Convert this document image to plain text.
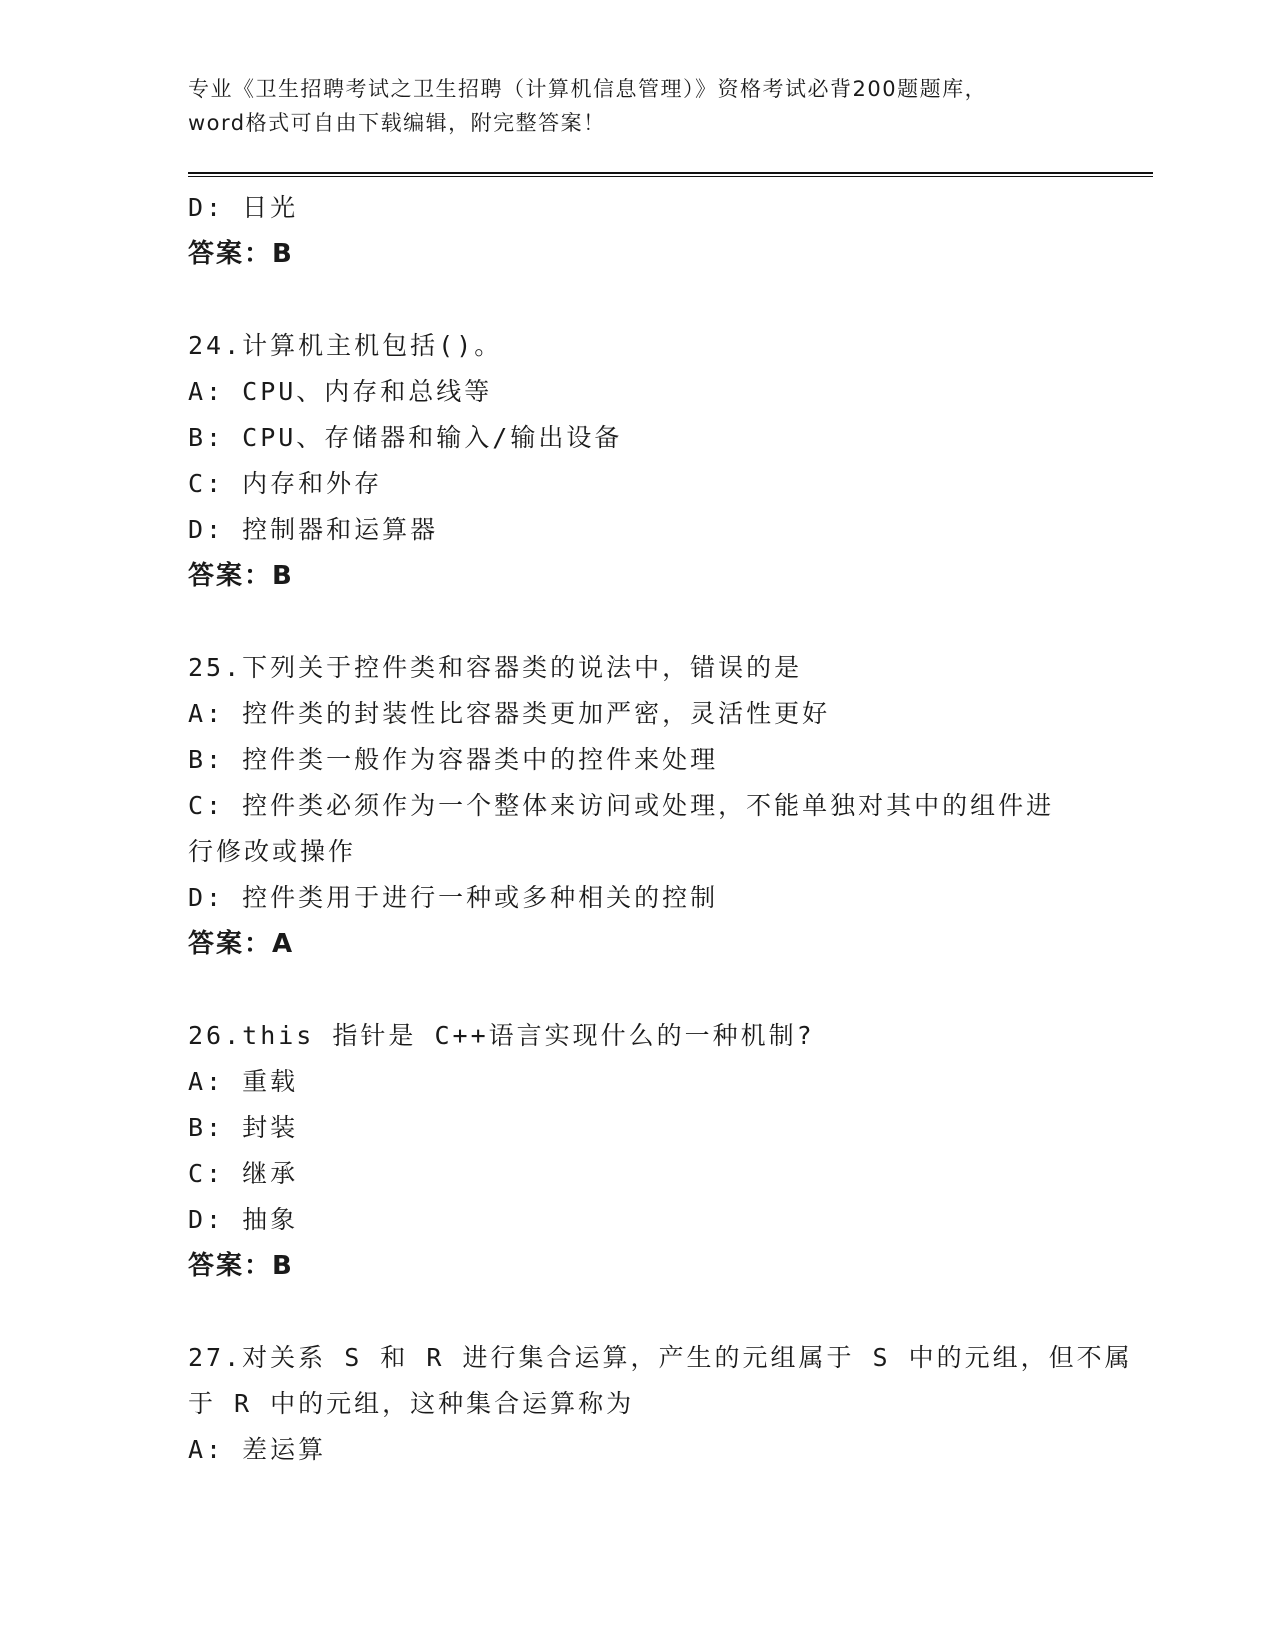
专业《卫生招聘考试之卫生招聘（计算机信息管理）》资格考试必背200题题库，
word格式可自由下载编辑，附完整答案！
D: 日光
答案：B
24.计算机主机包括()。
A: CPU、内存和总线等
B: CPU、存储器和输入/输出设备
C: 内存和外存
D: 控制器和运算器
答案：B
25.下列关于控件类和容器类的说法中，错误的是
A: 控件类的封装性比容器类更加严密，灵活性更好
B: 控件类一般作为容器类中的控件来处理
C: 控件类必须作为一个整体来访问或处理，不能单独对其中的组件进
行修改或操作
D: 控件类用于进行一种或多种相关的控制
答案：A
26.this 指针是 C++语言实现什么的一种机制?
A: 重载
B: 封装
C: 继承
D: 抽象
答案：B
27.对关系 S 和 R 进行集合运算，产生的元组属于 S 中的元组，但不属
于 R 中的元组，这种集合运算称为
A: 差运算
